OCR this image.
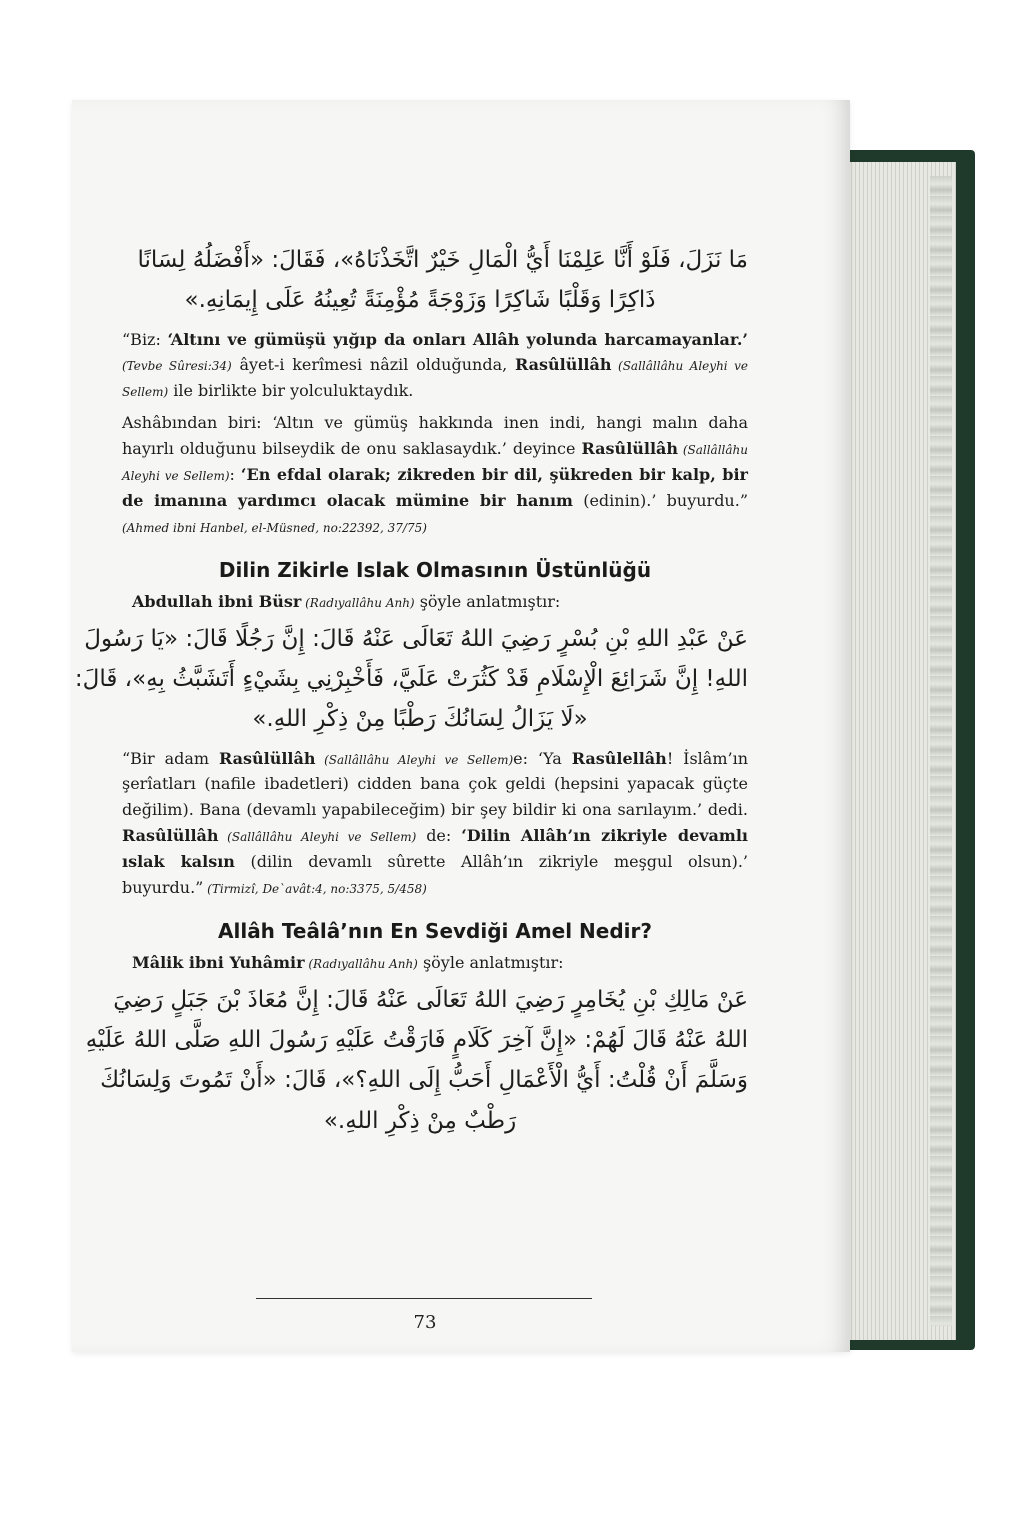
مَا نَزَلَ، فَلَوْ أَنَّا عَلِمْنَا أَيُّ الْمَالِ خَيْرٌ اتَّخَذْنَاهُ»، فَقَالَ: «أَفْضَلُهُ لِسَانًا
ذَاكِرًا وَقَلْبًا شَاكِرًا وَزَوْجَةً مُؤْمِنَةً تُعِينُهُ عَلَى إِيمَانِهِ.»

“Biz: ‘Altını ve gümüşü yığıp da onları Allâh yolunda harcamayanlar.’ (Tevbe Sûresi:34) âyet-i kerîmesi nâzil olduğunda, Rasûlüllâh (Sallâllâhu Aleyhi ve Sellem) ile birlikte bir yolculuktaydık.

Ashâbından biri: ‘Altın ve gümüş hakkında inen indi, hangi malın daha hayırlı olduğunu bilseydik de onu saklasaydık.’ deyince Rasûlüllâh (Sallâllâhu Aleyhi ve Sellem): ‘En efdal olarak; zikreden bir dil, şükreden bir kalp, bir de imanına yardımcı olacak mümine bir hanım (edinin).’ buyurdu.” (Ahmed ibni Hanbel, el-Müsned, no:22392, 37/75)

Dilin Zikirle Islak Olmasının Üstünlüğü
Abdullah ibni Büsr (Radıyallâhu Anh) şöyle anlatmıştır:
عَنْ عَبْدِ اللهِ بْنِ بُسْرٍ رَضِيَ اللهُ تَعَالَى عَنْهُ قَالَ: إِنَّ رَجُلًا قَالَ: «يَا رَسُولَ
اللهِ! إِنَّ شَرَائِعَ الْإِسْلَامِ قَدْ كَثُرَتْ عَلَيَّ، فَأَخْبِرْنِي بِشَيْءٍ أَتَشَبَّثُ بِهِ»، قَالَ:
«لَا يَزَالُ لِسَانُكَ رَطْبًا مِنْ ذِكْرِ اللهِ.»

“Bir adam Rasûlüllâh (Sallâllâhu Aleyhi ve Sellem)e: ‘Ya Rasûlellâh! İslâm’ın şerîatları (nafile ibadetleri) cidden bana çok geldi (hepsini yapacak güçte değilim). Bana (devamlı yapabileceğim) bir şey bildir ki ona sarılayım.’ dedi. Rasûlüllâh (Sallâllâhu Aleyhi ve Sellem) de: ‘Dilin Allâh’ın zikriyle devamlı ıslak kalsın (dilin devamlı sûrette Allâh’ın zikriyle meşgul olsun).’ buyurdu.” (Tirmizî, De`avât:4, no:3375, 5/458)

Allâh Teâlâ’nın En Sevdiği Amel Nedir?
Mâlik ibni Yuhâmir (Radıyallâhu Anh) şöyle anlatmıştır:
عَنْ مَالِكِ بْنِ يُخَامِرٍ رَضِيَ اللهُ تَعَالَى عَنْهُ قَالَ: إِنَّ مُعَاذَ بْنَ جَبَلٍ رَضِيَ
اللهُ عَنْهُ قَالَ لَهُمْ: «إِنَّ آخِرَ كَلَامٍ فَارَقْتُ عَلَيْهِ رَسُولَ اللهِ صَلَّى اللهُ عَلَيْهِ
وَسَلَّمَ أَنْ قُلْتُ: أَيُّ الْأَعْمَالِ أَحَبُّ إِلَى اللهِ؟»، قَالَ: «أَنْ تَمُوتَ وَلِسَانُكَ
رَطْبٌ مِنْ ذِكْرِ اللهِ.»
73
